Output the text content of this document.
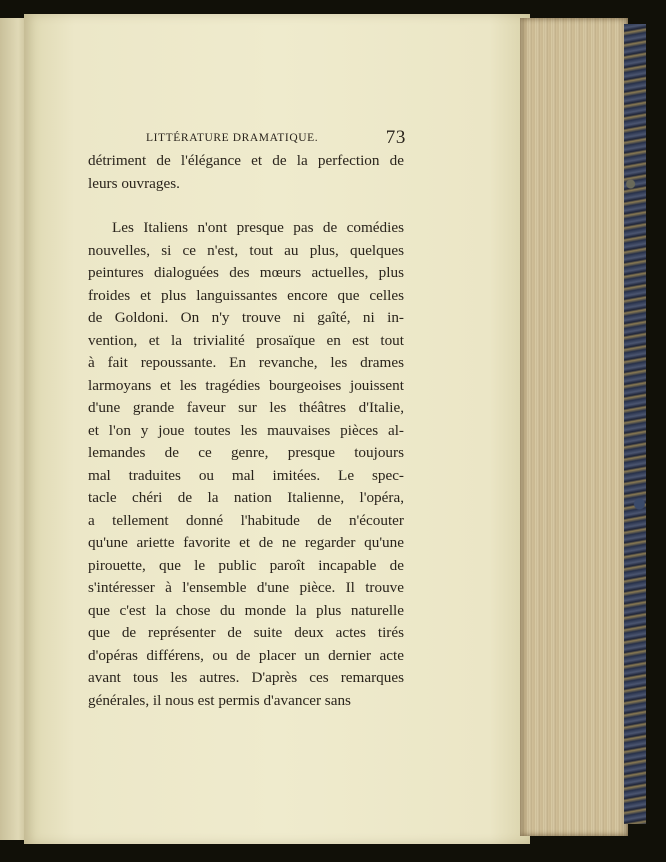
LITTÉRATURE DRAMATIQUE.	73
détriment de l'élégance et de la perfection de
leurs ouvrages.
Les Italiens n'ont presque pas de comédies
nouvelles, si ce n'est, tout au plus, quelques
peintures dialoguées des mœurs actuelles, plus
froides et plus languissantes encore que celles
de Goldoni. On n'y trouve ni gaîté, ni in-
vention, et la trivialité prosaïque en est tout
à fait repoussante. En revanche, les drames
larmoyans et les tragédies bourgeoises jouissent
d'une grande faveur sur les théâtres d'Italie,
et l'on y joue toutes les mauvaises pièces al-
lemandes de ce genre, presque toujours
mal traduites ou mal imitées. Le spec-
tacle chéri de la nation Italienne, l'opéra,
a tellement donné l'habitude de n'écouter
qu'une ariette favorite et de ne regarder qu'une
pirouette, que le public paroît incapable de
s'intéresser à l'ensemble d'une pièce. Il trouve
que c'est la chose du monde la plus naturelle
que de représenter de suite deux actes tirés
d'opéras différens, ou de placer un dernier acte
avant tous les autres. D'après ces remarques
générales, il nous est permis d'avancer sans
